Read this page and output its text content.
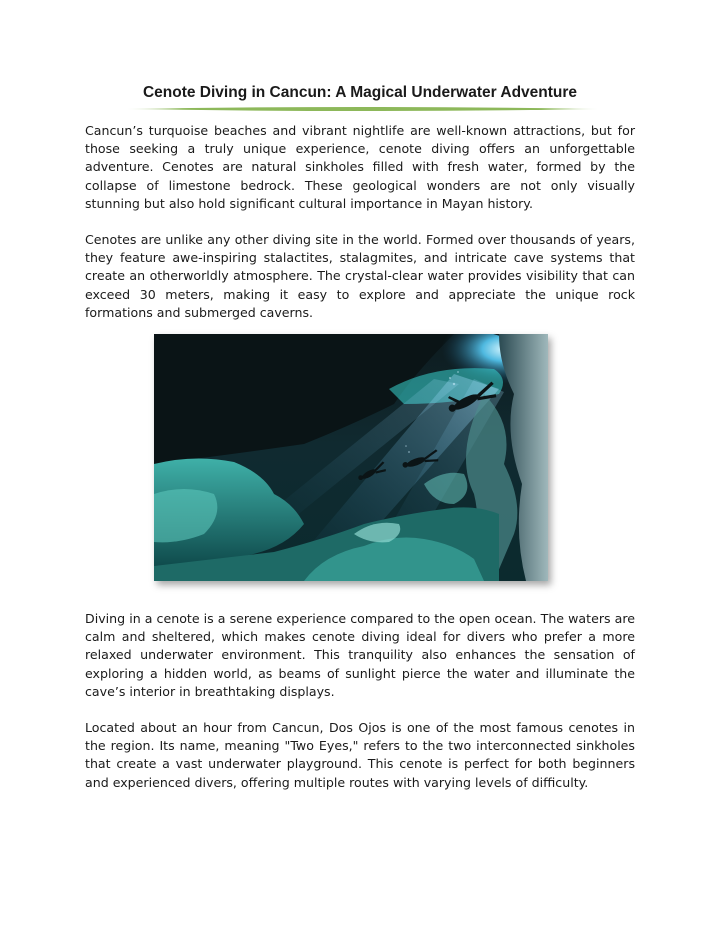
Cenote Diving in Cancun: A Magical Underwater Adventure

Cancun’s turquoise beaches and vibrant nightlife are well-known attractions, but for those seeking a truly unique experience, cenote diving offers an unforgettable adventure. Cenotes are natural sinkholes filled with fresh water, formed by the collapse of limestone bedrock. These geological wonders are not only visually stunning but also hold significant cultural importance in Mayan history.

Cenotes are unlike any other diving site in the world. Formed over thousands of years, they feature awe-inspiring stalactites, stalagmites, and intricate cave systems that create an otherworldly atmosphere. The crystal-clear water provides visibility that can exceed 30 meters, making it easy to explore and appreciate the unique rock formations and submerged caverns.

Diving in a cenote is a serene experience compared to the open ocean. The waters are calm and sheltered, which makes cenote diving ideal for divers who prefer a more relaxed underwater environment. This tranquility also enhances the sensation of exploring a hidden world, as beams of sunlight pierce the water and illuminate the cave’s interior in breathtaking displays.

Located about an hour from Cancun, Dos Ojos is one of the most famous cenotes in the region. Its name, meaning "Two Eyes," refers to the two interconnected sinkholes that create a vast underwater playground. This cenote is perfect for both beginners and experienced divers, offering multiple routes with varying levels of difficulty.
